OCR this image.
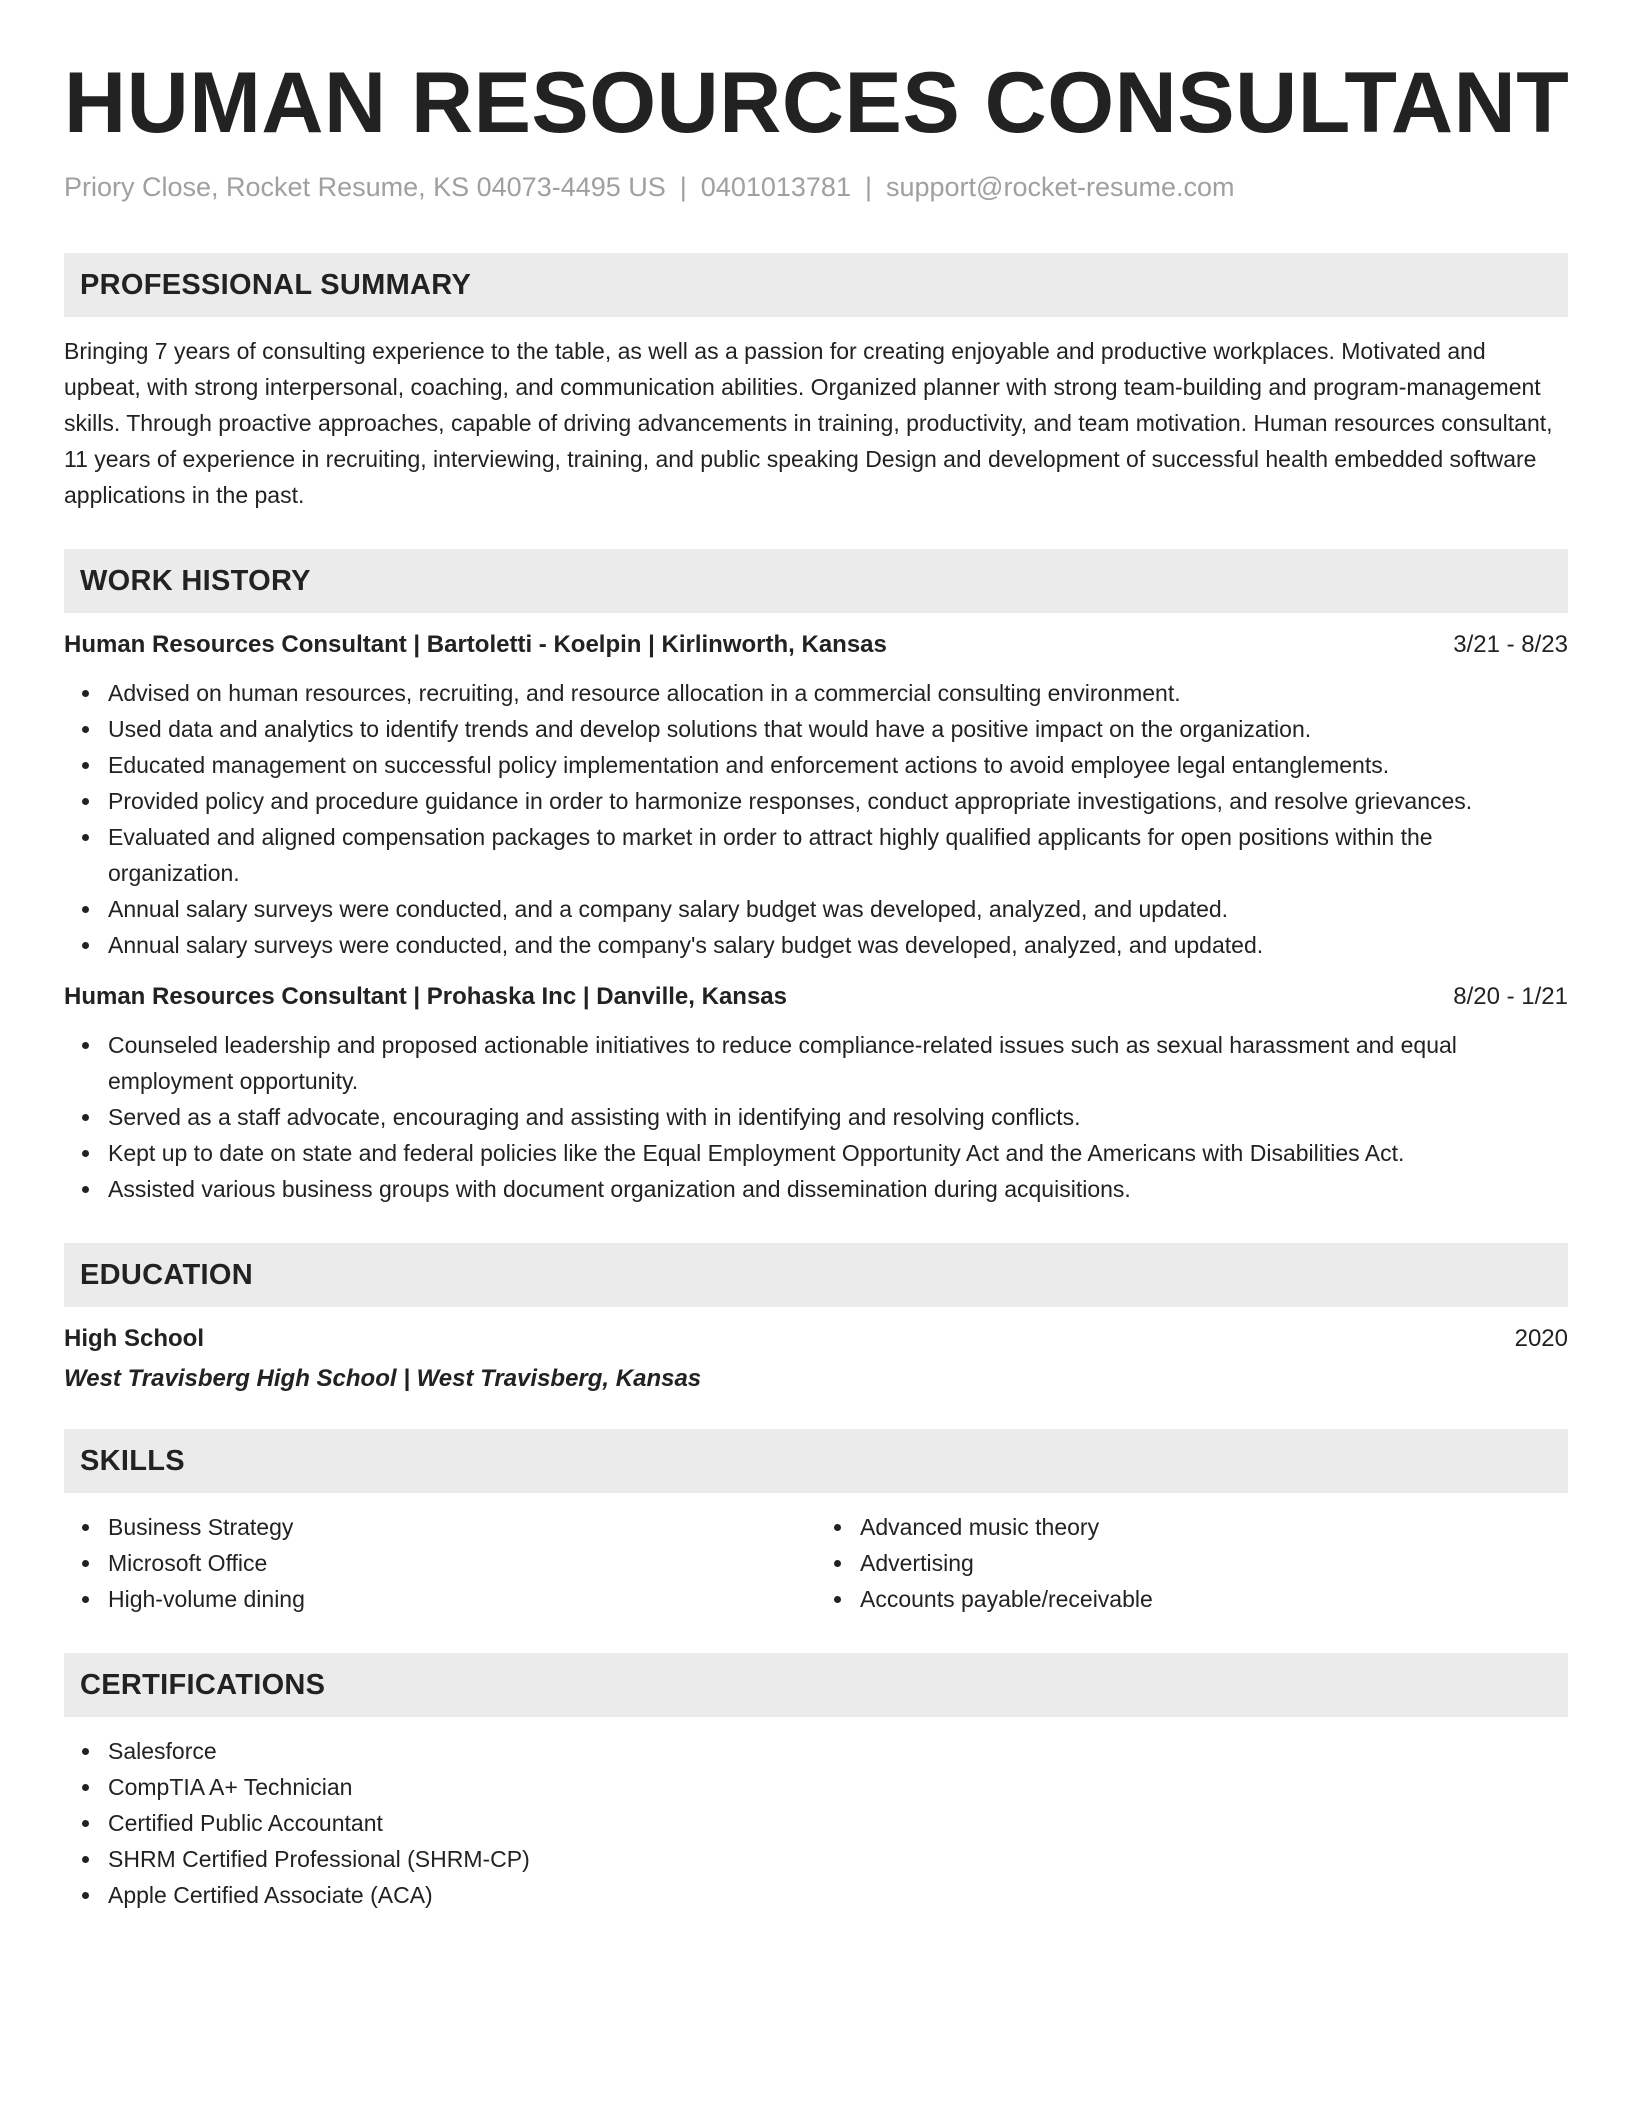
HUMAN RESOURCES CONSULTANT
Priory Close, Rocket Resume, KS 04073-4495 US | 0401013781 | support@rocket-resume.com
PROFESSIONAL SUMMARY
Bringing 7 years of consulting experience to the table, as well as a passion for creating enjoyable and productive workplaces. Motivated and upbeat, with strong interpersonal, coaching, and communication abilities. Organized planner with strong team-building and program-management skills. Through proactive approaches, capable of driving advancements in training, productivity, and team motivation. Human resources consultant, 11 years of experience in recruiting, interviewing, training, and public speaking Design and development of successful health embedded software applications in the past.
WORK HISTORY
Human Resources Consultant | Bartoletti - Koelpin | Kirlinworth, Kansas	3/21 - 8/23
Advised on human resources, recruiting, and resource allocation in a commercial consulting environment.
Used data and analytics to identify trends and develop solutions that would have a positive impact on the organization.
Educated management on successful policy implementation and enforcement actions to avoid employee legal entanglements.
Provided policy and procedure guidance in order to harmonize responses, conduct appropriate investigations, and resolve grievances.
Evaluated and aligned compensation packages to market in order to attract highly qualified applicants for open positions within the organization.
Annual salary surveys were conducted, and a company salary budget was developed, analyzed, and updated.
Annual salary surveys were conducted, and the company's salary budget was developed, analyzed, and updated.
Human Resources Consultant | Prohaska Inc | Danville, Kansas	8/20 - 1/21
Counseled leadership and proposed actionable initiatives to reduce compliance-related issues such as sexual harassment and equal employment opportunity.
Served as a staff advocate, encouraging and assisting with in identifying and resolving conflicts.
Kept up to date on state and federal policies like the Equal Employment Opportunity Act and the Americans with Disabilities Act.
Assisted various business groups with document organization and dissemination during acquisitions.
EDUCATION
High School	2020
West Travisberg High School | West Travisberg, Kansas
SKILLS
Business Strategy
Microsoft Office
High-volume dining
Advanced music theory
Advertising
Accounts payable/receivable
CERTIFICATIONS
Salesforce
CompTIA A+ Technician
Certified Public Accountant
SHRM Certified Professional (SHRM-CP)
Apple Certified Associate (ACA)
